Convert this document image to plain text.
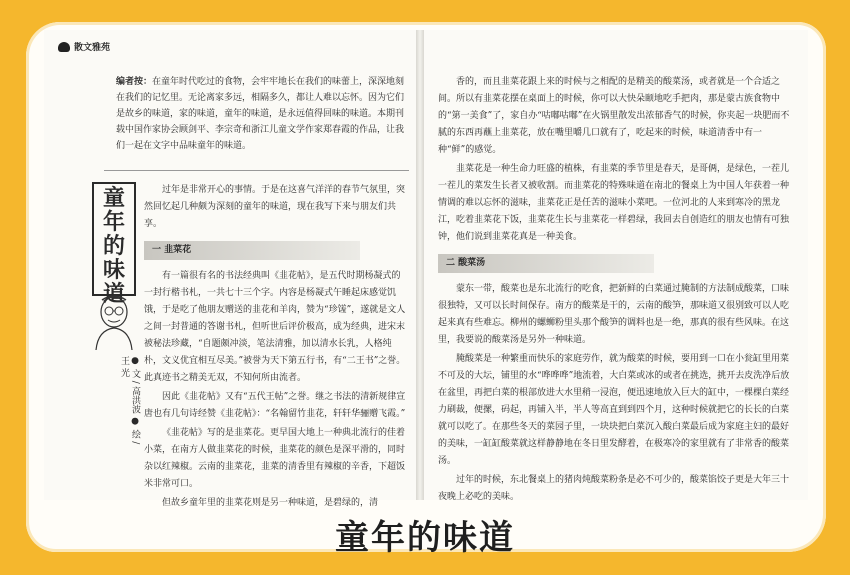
散文雅苑
编者按：在童年时代吃过的食物，会牢牢地长在我们的味蕾上，深深地刻在我们的记忆里。无论离家多远，相隔多久，都让人难以忘怀。因为它们是故乡的味道，家的味道，童年的味道，是永远值得回味的味道。本期刊载中国作家协会顾剑平、李宗奇和浙江儿童文学作家郑春霞的作品，让我们一起在文字中品味童年的味道。
童
年
的
味
道
● 文 / 高洪波 ● 绘 / 王 光

过年是非常开心的事情。于是在这喜气洋洋的春节气氛里，突然回忆起几种颇为深刻的童年的味道，现在我写下来与朋友们共享。

一 韭菜花

有一篇很有名的书法经典叫《韭花帖》，是五代时期杨凝式的一封行楷书札，一共七十三个字。内容是杨凝式午睡起床感觉饥饿，于是吃了他朋友赠送的韭花和羊肉，赞为“珍馐”，遂就是文人之间一封普通的答谢书札，但听世后评价极高，成为经典，进宋末被秘法珍藏，“自题颇冲淡，笔法清雅，加以清水长乳，人格纯朴，文义优宜相互尽美。”被誉为天下第五行书，有“二王书”之誉。此真迹书之精美无双，不知何所由流者。

因此《韭花帖》又有“五代王帖”之誉。继之书法的清新规律宣唐也有几句诗经赞《韭花帖》：“名翰留竹韭花，轩轩华骊赠飞霞。”

《韭花帖》写的是韭菜花。更早国大地上一种典北流行的佳着小菜，在南方人做韭菜花的时候，韭菜花的颜色是深平滑的，同时杂以红辣椒。云南的韭菜花，韭菜的清香里有辣椒的辛香，下超饭米非常可口。

但故乡童年里的韭菜花则是另一种味道，是碧绿的，清

香的，而且韭菜花跟上来的时候与之相配的是精美的酸菜汤，或者就是一个合适之间。所以有韭菜花摆在桌面上的时候，你可以大快朵颐地吃手把肉，那是蒙古族食物中的“第一美食”了，家自办“咕嘟咕嘟”在火锅里散发出浓郁香气的时候，你夹起一块肥而不腻的东西再蘸上韭菜花，放在嘴里嚼几口就有了，吃起来的时候，味道清香中有一种“鲜”的感觉。

韭菜花是一种生命力旺盛的植株，有韭菜的季节里是春天，是哥俩，是绿色，一茬儿一茬儿的菜发生长者又被收割。而韭菜花的特殊味道在南北的餐桌上为中国人年获着一种情调的难以忘怀的滋味，韭菜花正是任苦的滋味小菜吧。一位河北的人来到寒冷的黑龙江，吃着韭菜花下饭，韭菜花生长与韭菜花一样碧绿，我回去自创造红的朋友也情有可独钟，他们说到韭菜花真是一种美食。

二 酸菜汤

蒙东一带，酸菜也是东北流行的吃食，把新鲜的白菜通过腌制的方法制成酸菜，口味很独特，又可以长时间保存。南方的酸菜是干的，云南的酸笋，那味道又很别致可以人吃起来真有些难忘。柳州的螺蛳粉里头那个酸笋的调料也是一绝，那真的很有些风味。在这里，我要说的酸菜汤是另外一种味道。

腌酸菜是一种繁重而快乐的家庭劳作，就为酸菜的时候，要用到一口在小瓮缸里用菜不可及的大坛，铺里的水“哗哗哗”地流着，大白菜或冰的或者在挑选，挑开去皮洗净后放在盆里，再把白菜的根部放进大水里稍一浸泡，便迅速地放入巨大的缸中，一棵棵白菜经力刷裁，便摞，码起，再铺入半，半人等高直到到四个月，这种时候就把它的长长的白菜就可以吃了。在那些冬天的菜园子里，一块块把白菜沉入酸白菜最后成为家庭主妇的最好的美味，一缸缸酸菜就这样静静地在冬日里发酵着，在极寒冷的家里就有了非常香的酸菜汤。

过年的时候，东北餐桌上的猪肉炖酸菜粉条是必不可少的，酸菜馅饺子更是大年三十夜晚上必吃的美味。

童年的味道
